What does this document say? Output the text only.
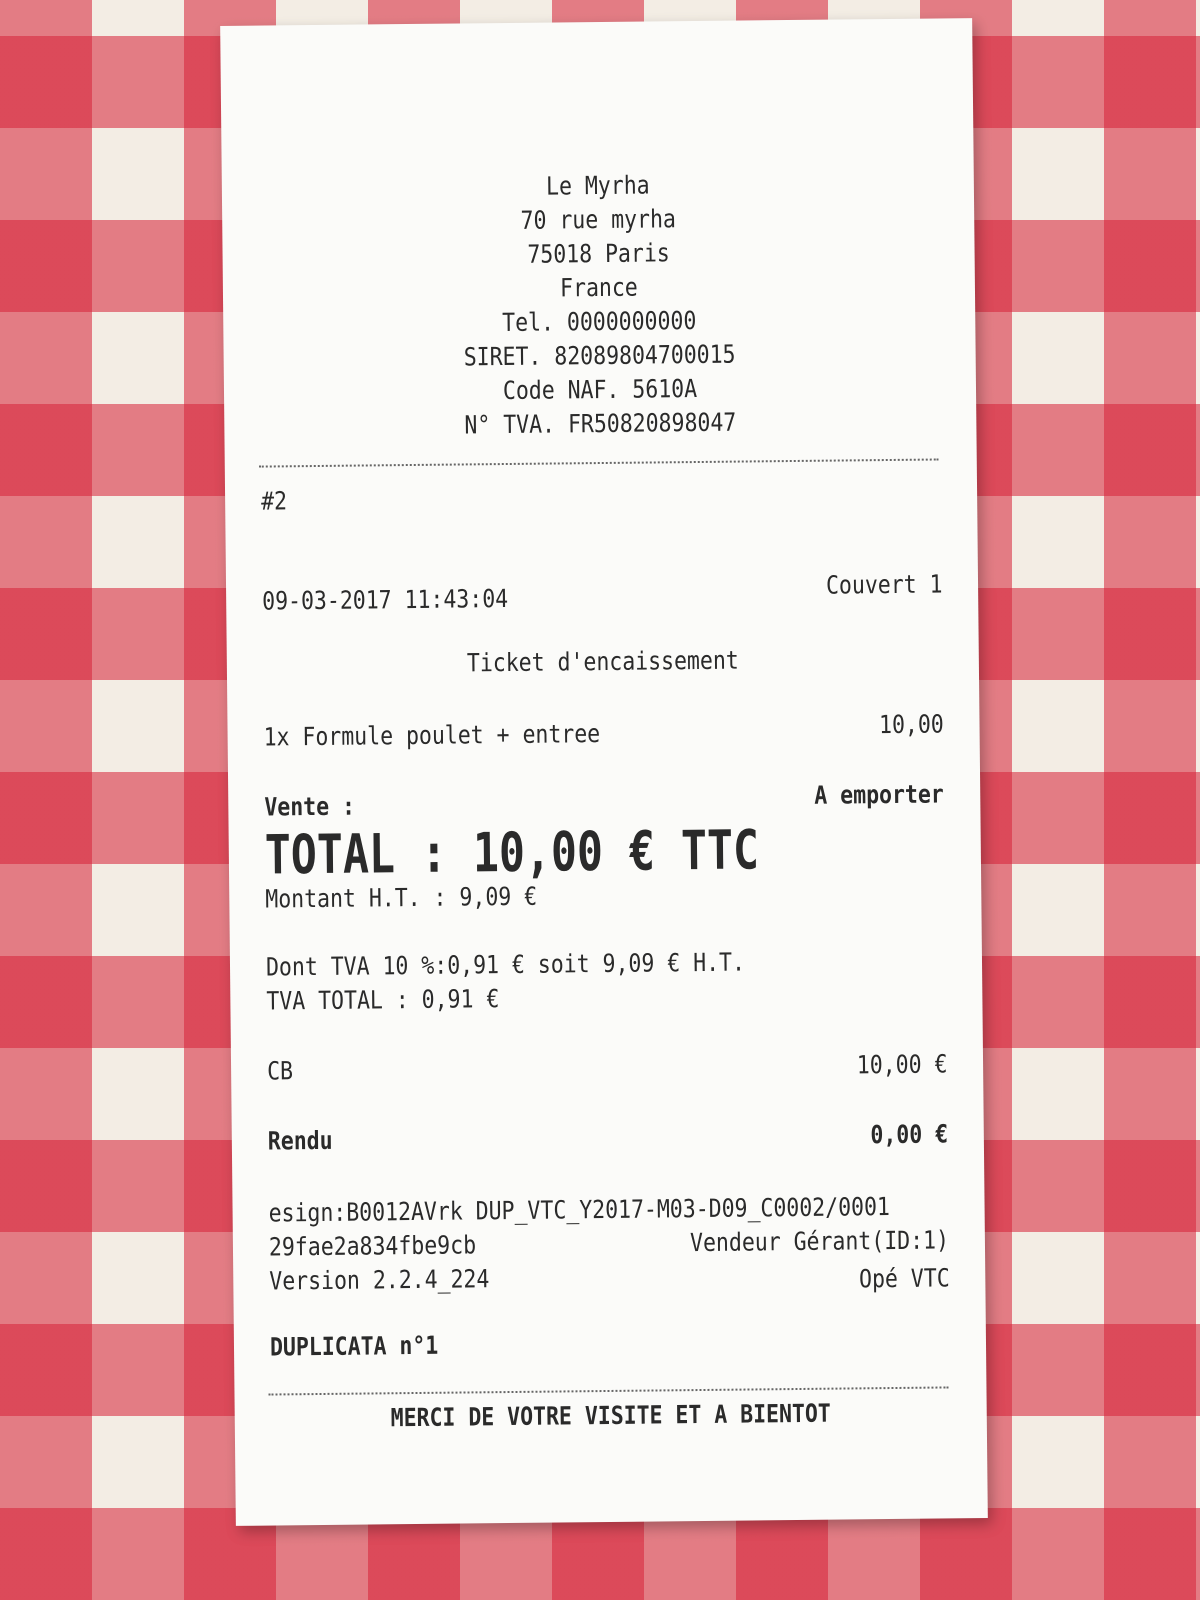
Le Myrha
70 rue myrha
75018 Paris
France
Tel. 0000000000
SIRET. 82089804700015
Code NAF. 5610A
N° TVA. FR50820898047
#2
09-03-2017 11:43:04	Couvert 1
Ticket d'encaissement
1x Formule poulet + entree	10,00
Vente :	A emporter
TOTAL : 10,00 € TTC
Montant H.T. : 9,09 €
Dont TVA 10 %:0,91 € soit 9,09 € H.T.
TVA TOTAL : 0,91 €
CB	10,00 €
Rendu	0,00 €
esign:B0012AVrk DUP_VTC_Y2017-M03-D09_C0002/0001
29fae2a834fbe9cb	Vendeur Gérant(ID:1)
Version 2.2.4_224	Opé VTC
DUPLICATA n°1
MERCI DE VOTRE VISITE ET A BIENTOT
